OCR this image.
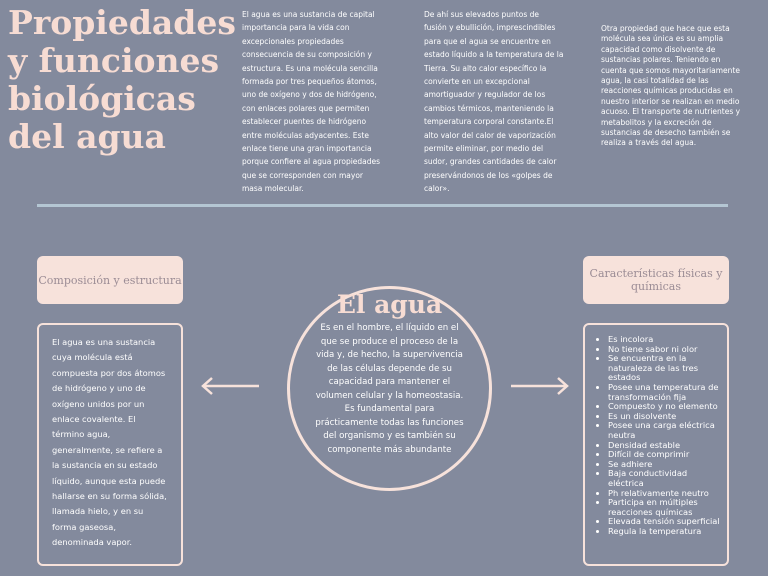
Propiedades y funciones biológicas del agua
El agua es una sustancia de capital importancia para la vida con excepcionales propiedades consecuencia de su composición y estructura. Es una molécula sencilla formada por tres pequeños átomos, uno de oxígeno y dos de hidrógeno, con enlaces polares que permiten establecer puentes de hidrógeno entre moléculas adyacentes. Este enlace tiene una gran importancia porque confiere al agua propiedades que se corresponden con mayor masa molecular.
De ahí sus elevados puntos de fusión y ebullición, imprescindibles para que el agua se encuentre en estado líquido a la temperatura de la Tierra. Su alto calor específico la convierte en un excepcional amortiguador y regulador de los cambios térmicos, manteniendo la temperatura corporal constante.El alto valor del calor de vaporización permite eliminar, por medio del sudor, grandes cantidades de calor preservándonos de los «golpes de calor».
Otra propiedad que hace que esta molécula sea única es su amplia capacidad como disolvente de sustancias polares. Teniendo en cuenta que somos mayoritariamente agua, la casi totalidad de las reacciones químicas producidas en nuestro interior se realizan en medio acuoso. El transporte de nutrientes y metabolitos y la excreción de sustancias de desecho también se realiza a través del agua.
Composición y estructura	Características físicas y químicas
El agua es una sustancia cuya molécula está compuesta por dos átomos de hidrógeno y uno de oxígeno unidos por un enlace covalente. El término agua, generalmente, se refiere a la sustancia en su estado líquido, aunque esta puede hallarse en su forma sólida, llamada hielo, y en su forma gaseosa, denominada vapor.
• Es incolora
• No tiene sabor ni olor
• Se encuentra en la naturaleza de las tres estados
• Posee una temperatura de transformación fija
• Compuesto y no elemento
• Es un disolvente
• Posee una carga eléctrica neutra
• Densidad estable
• Difícil de comprimir
• Se adhiere
• Baja conductividad eléctrica
• Ph relativamente neutro
• Participa en múltiples reacciones químicas
• Elevada tensión superficial
• Regula la temperatura
El agua
Es en el hombre, el líquido en el que se produce el proceso de la vida y, de hecho, la supervivencia de las células depende de su capacidad para mantener el volumen celular y la homeostasia. Es fundamental para prácticamente todas las funciones del organismo y es también su componente más abundante
